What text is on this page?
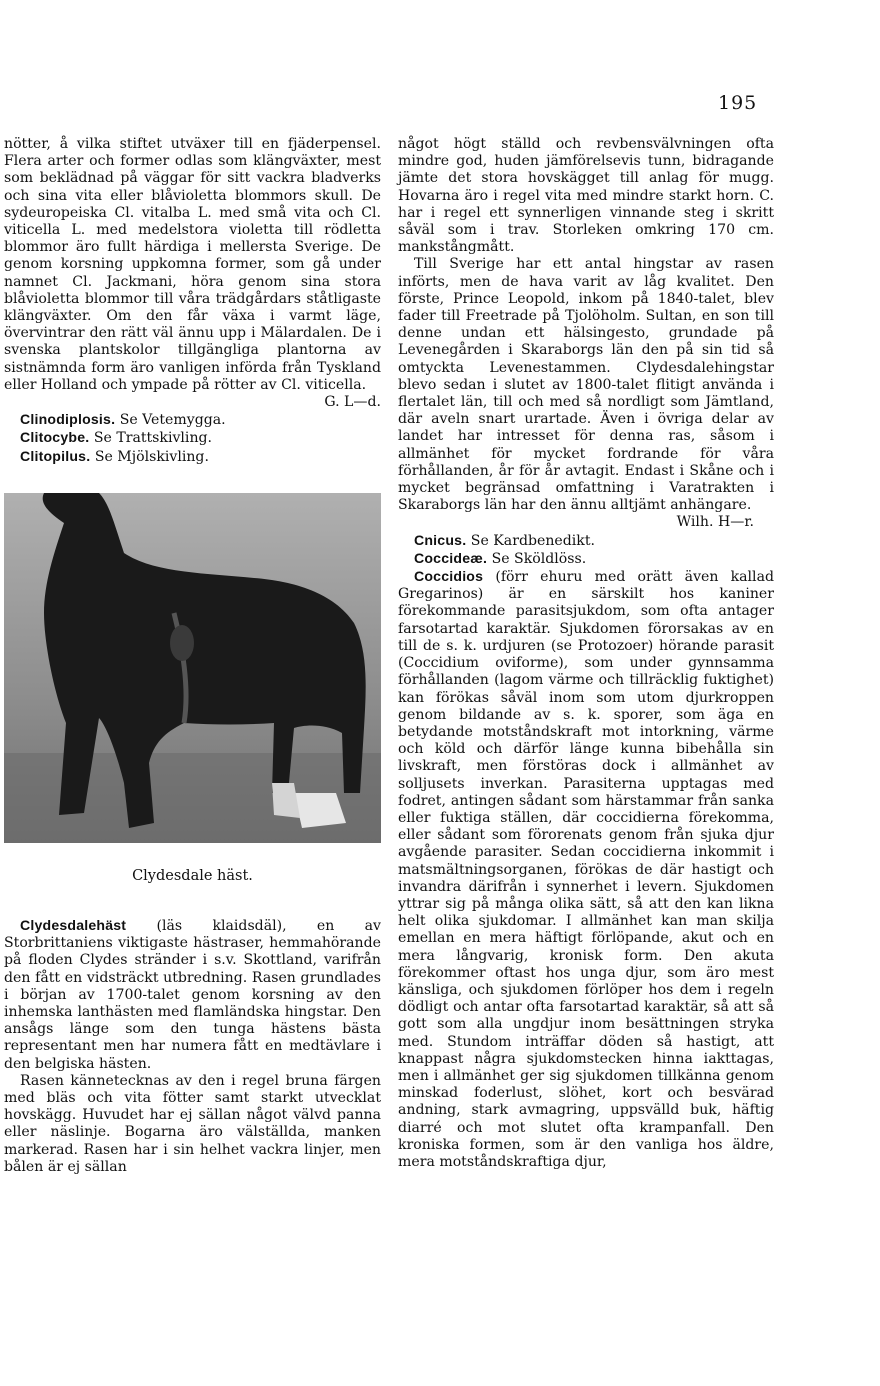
195

nötter, å vilka stiftet utväxer till en fjäderpensel. Flera arter och former odlas som klängväxter, mest som beklädnad på väggar för sitt vackra bladverks och sina vita eller blåvioletta blommors skull. De sydeuropeiska Cl. vitalba L. med små vita och Cl. viticella L. med medelstora violetta till rödletta blommor äro fullt härdiga i mellersta Sverige. De genom korsning uppkomna former, som gå under namnet Cl. Jackmani, höra genom sina stora blåvioletta blommor till våra trädgårdars ståtligaste klängväxter. Om den får växa i varmt läge, övervintrar den rätt väl ännu upp i Mälardalen. De i svenska plantskolor tillgängliga plantorna av sistnämnda form äro vanligen införda från Tyskland eller Holland och ympade på rötter av Cl. viticella.

G. L—d.

Clinodiplosis. Se Vetemygga.

Clitocybe. Se Trattskivling.

Clitopilus. Se Mjölskivling.

Clydesdale häst.

Clydesdalehäst (läs klaidsdäl), en av Storbrittaniens viktigaste hästraser, hemmahörande på floden Clydes stränder i s.v. Skottland, varifrån den fått en vidsträckt utbredning. Rasen grundlades i början av 1700-talet genom korsning av den inhemska lanthästen med flamländska hingstar. Den ansågs länge som den tunga hästens bästa representant men har numera fått en medtävlare i den belgiska hästen.

Rasen kännetecknas av den i regel bruna färgen med bläs och vita fötter samt starkt utvecklat hovskägg. Huvudet har ej sällan något välvd panna eller näslinje. Bogarna äro välställda, manken markerad. Rasen har i sin helhet vackra linjer, men bålen är ej sällan

något högt ställd och revbensvälvningen ofta mindre god, huden jämförelsevis tunn, bidragande jämte det stora hovskägget till anlag för mugg. Hovarna äro i regel vita med mindre starkt horn. C. har i regel ett synnerligen vinnande steg i skritt såväl som i trav. Storleken omkring 170 cm. mankstångmått.

Till Sverige har ett antal hingstar av rasen införts, men de hava varit av låg kvalitet. Den förste, Prince Leopold, inkom på 1840-talet, blev fader till Freetrade på Tjolöholm. Sultan, en son till denne undan ett hälsingesto, grundade på Levenegården i Skaraborgs län den på sin tid så omtyckta Levenestammen. Clydesdalehingstar blevo sedan i slutet av 1800-talet flitigt använda i flertalet län, till och med så nordligt som Jämtland, där aveln snart urartade. Även i övriga delar av landet har intresset för denna ras, såsom i allmänhet för mycket fordrande för våra förhållanden, år för år avtagit. Endast i Skåne och i mycket begränsad omfattning i Varatrakten i Skaraborgs län har den ännu alltjämt anhängare.

Wilh. H—r.

Cnicus. Se Kardbenedikt.

Coccideæ. Se Sköldlöss.

Coccidios (förr ehuru med orätt även kallad Gregarinos) är en särskilt hos kaniner förekommande parasitsjukdom, som ofta antager farsotartad karaktär. Sjukdomen förorsakas av en till de s. k. urdjuren (se Protozoer) hörande parasit (Coccidium oviforme), som under gynnsamma förhållanden (lagom värme och tillräcklig fuktighet) kan förökas såväl inom som utom djurkroppen genom bildande av s. k. sporer, som äga en betydande motståndskraft mot intorkning, värme och köld och därför länge kunna bibehålla sin livskraft, men förstöras dock i allmänhet av solljusets inverkan. Parasiterna upptagas med fodret, antingen sådant som härstammar från sanka eller fuktiga ställen, där coccidierna förekomma, eller sådant som förorenats genom från sjuka djur avgående parasiter. Sedan coccidierna inkommit i matsmältningsorganen, förökas de där hastigt och invandra därifrån i synnerhet i levern. Sjukdomen yttrar sig på många olika sätt, så att den kan likna helt olika sjukdomar. I allmänhet kan man skilja emellan en mera häftigt förlöpande, akut och en mera långvarig, kronisk form. Den akuta förekommer oftast hos unga djur, som äro mest känsliga, och sjukdomen förlöper hos dem i regeln dödligt och antar ofta farsotartad karaktär, så att så gott som alla ungdjur inom besättningen stryka med. Stundom inträffar döden så hastigt, att knappast några sjukdomstecken hinna iakttagas, men i allmänhet ger sig sjukdomen tillkänna genom minskad foderlust, slöhet, kort och besvärad andning, stark avmagring, uppsvälld buk, häftig diarré och mot slutet ofta krampanfall. Den kroniska formen, som är den vanliga hos äldre, mera motståndskraftiga djur,
